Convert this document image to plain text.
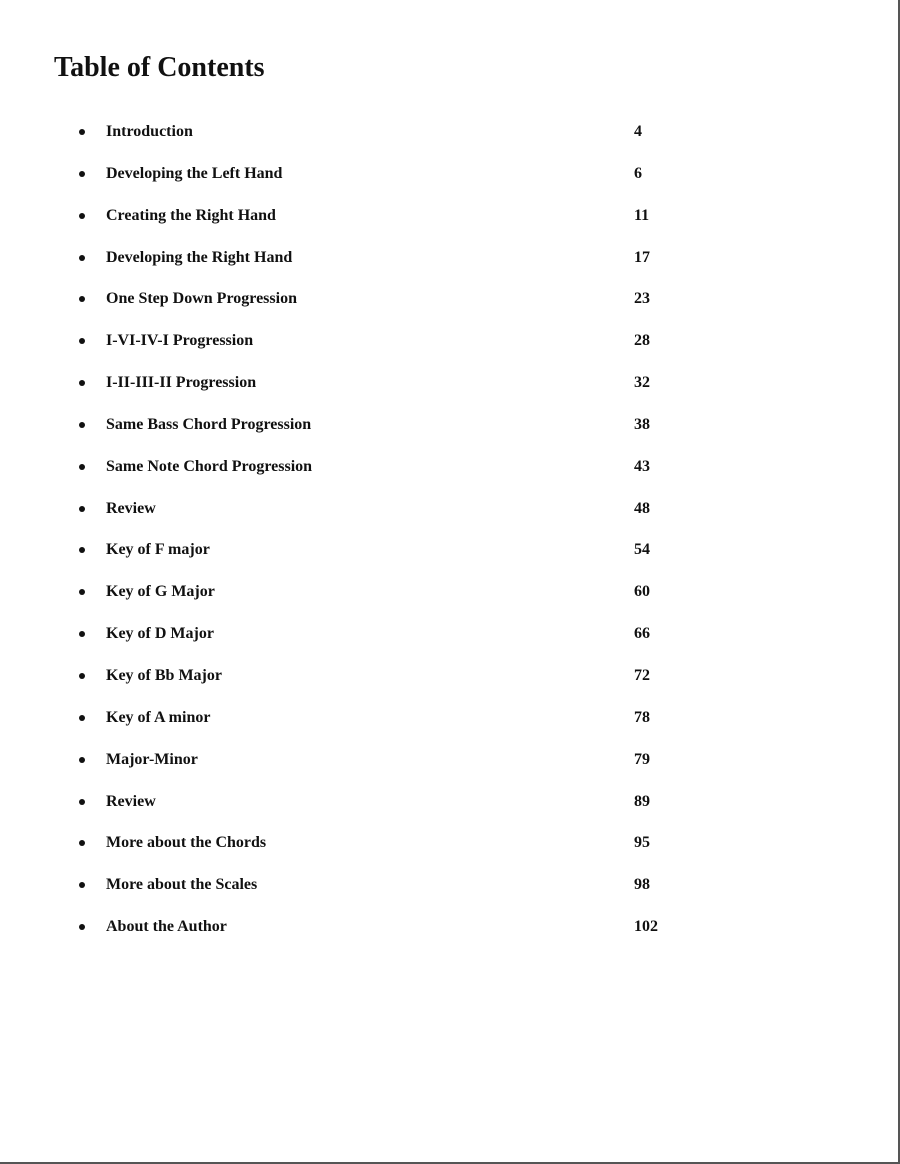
Table of Contents
Introduction	4
Developing the Left Hand	6
Creating the Right Hand	11
Developing the Right Hand	17
One Step Down Progression	23
I-VI-IV-I Progression	28
I-II-III-II Progression	32
Same Bass Chord Progression	38
Same Note Chord Progression	43
Review	48
Key of F major	54
Key of G Major	60
Key of D Major	66
Key of Bb Major	72
Key of A minor	78
Major-Minor	79
Review	89
More about the Chords	95
More about the Scales	98
About the Author	102
